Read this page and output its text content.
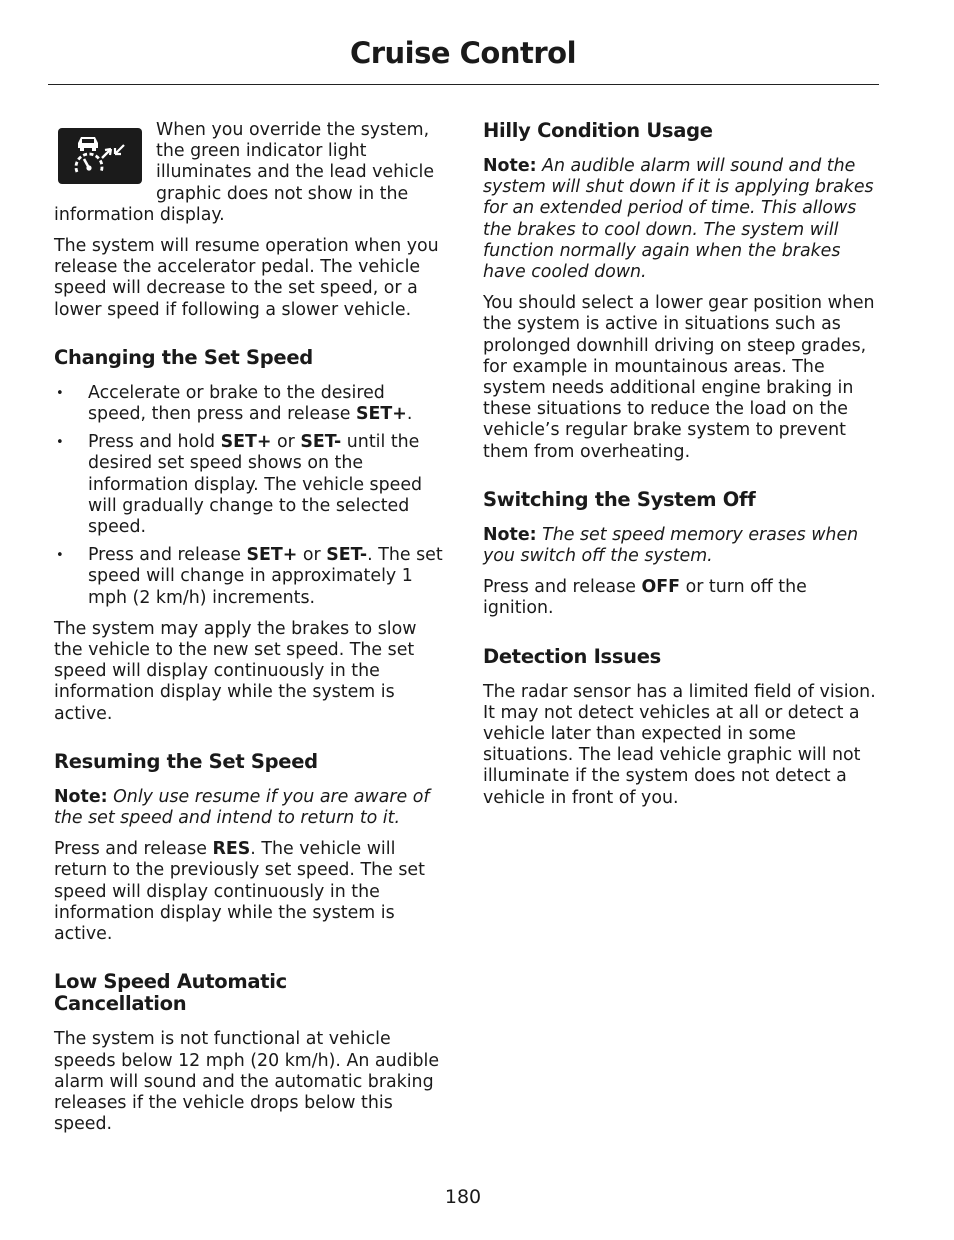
Cruise Control

When you override the system, the green indicator light illuminates and the lead vehicle graphic does not show in the information display.

The system will resume operation when you release the accelerator pedal. The vehicle speed will decrease to the set speed, or a lower speed if following a slower vehicle.

Changing the Set Speed
• Accelerate or brake to the desired speed, then press and release SET+.
• Press and hold SET+ or SET- until the desired set speed shows on the information display. The vehicle speed will gradually change to the selected speed.
• Press and release SET+ or SET-. The set speed will change in approximately 1 mph (2 km/h) increments.

The system may apply the brakes to slow the vehicle to the new set speed. The set speed will display continuously in the information display while the system is active.

Resuming the Set Speed

Note: Only use resume if you are aware of the set speed and intend to return to it.

Press and release RES. The vehicle will return to the previously set speed. The set speed will display continuously in the information display while the system is active.

Low Speed Automatic Cancellation

The system is not functional at vehicle speeds below 12 mph (20 km/h). An audible alarm will sound and the automatic braking releases if the vehicle drops below this speed.

Hilly Condition Usage

Note: An audible alarm will sound and the system will shut down if it is applying brakes for an extended period of time. This allows the brakes to cool down. The system will function normally again when the brakes have cooled down.

You should select a lower gear position when the system is active in situations such as prolonged downhill driving on steep grades, for example in mountainous areas. The system needs additional engine braking in these situations to reduce the load on the vehicle’s regular brake system to prevent them from overheating.

Switching the System Off

Note: The set speed memory erases when you switch off the system.

Press and release OFF or turn off the ignition.

Detection Issues

The radar sensor has a limited field of vision. It may not detect vehicles at all or detect a vehicle later than expected in some situations. The lead vehicle graphic will not illuminate if the system does not detect a vehicle in front of you.

180
